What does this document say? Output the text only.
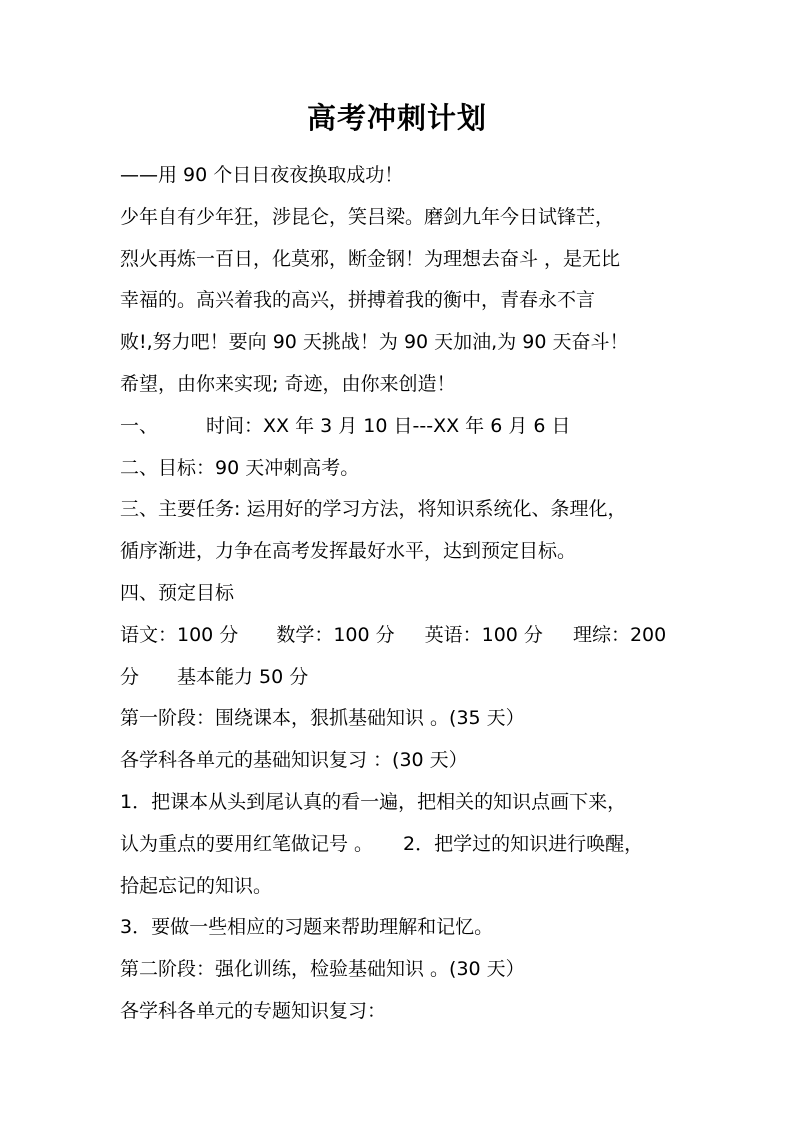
高考冲刺计划
——用 90 个日日夜夜换取成功！
少年自有少年狂，涉昆仑，笑吕梁。磨剑九年今日试锋芒，
烈火再炼一百日，化莫邪，断金钢！为理想去奋斗 ，是无比
幸福的。高兴着我的高兴，拼搏着我的衡中，青春永不言
败!,努力吧！要向 90 天挑战！为 90 天加油,为 90 天奋斗！
希望，由你来实现; 奇迹，由你来创造！
一、	时间：XX 年 3 月 10 日---XX 年 6 月 6 日
二、目标：90 天冲刺高考。
三、主要任务: 运用好的学习方法，将知识系统化、条理化，
循序渐进，力争在高考发挥最好水平，达到预定目标。
四、预定目标
语文：100 分 数学：100 分 英语：100 分 理综：200
分 基本能力 50 分
第一阶段：围绕课本，狠抓基础知识 。(35 天）
各学科各单元的基础知识复习 ：(30 天）
1．把课本从头到尾认真的看一遍，把相关的知识点画下来，
认为重点的要用红笔做记号 。 2．把学过的知识进行唤醒，
拾起忘记的知识。
3．要做一些相应的习题来帮助理解和记忆。
第二阶段：强化训练，检验基础知识 。(30 天）
各学科各单元的专题知识复习：
